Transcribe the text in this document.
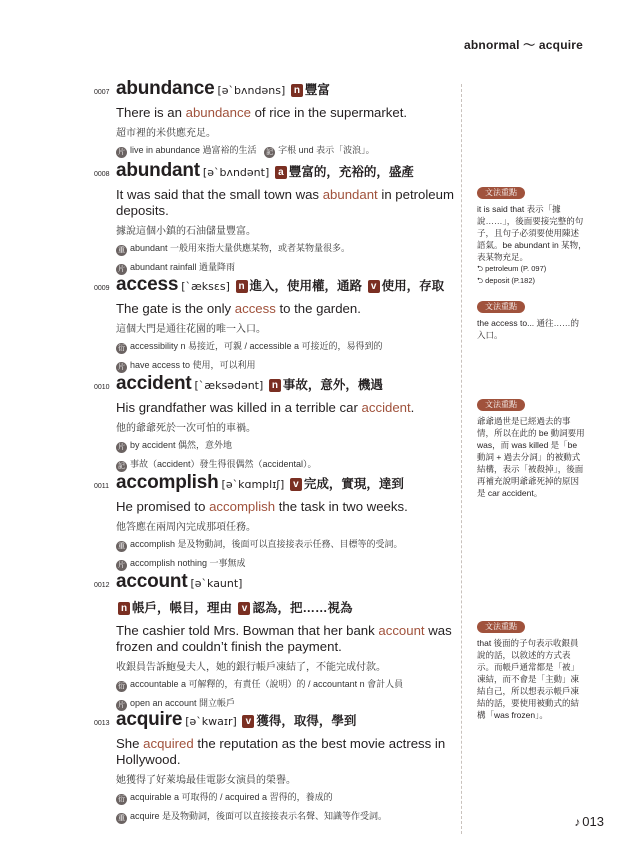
abnormal ～ acquire
0007 abundance [ə`bʌndəns] n 豐富
There is an abundance of rice in the supermarket.
超市裡的米供應充足。
片 live in abundance 過富裕的生活 記 字根 und 表示「波浪」。
0008 abundant [ə`bʌndənt] a 豐富的，充裕的，盛產
It was said that the small town was abundant in petroleum deposits.
據說這個小鎮的石油儲量豐富。
重 abundant 一般用來指大量供應某物，或者某物量很多。
片 abundant rainfall 過量降雨
0009 access [`æksɛs] n 進入，使用權，通路 v 使用，存取
The gate is the only access to the garden.
這個大門是通往花園的唯一入口。
衍 accessibility n 易接近，可親 / accessible a 可接近的，易得到的
片 have access to 使用，可以利用
0010 accident [`æksədənt] n 事故，意外，機遇
His grandfather was killed in a terrible car accident.
他的爺爺死於一次可怕的車禍。
片 by accident 偶然，意外地
記 事故（accident）發生得很偶然（accidental）。
0011 accomplish [ə`kɑmplɪʃ] v 完成，實現，達到
He promised to accomplish the task in two weeks.
他答應在兩周內完成那項任務。
重 accomplish 是及物動詞，後面可以直接接表示任務、目標等的受詞。
片 accomplish nothing 一事無成
0012 account [ə`kaunt]
n 帳戶，帳目，理由 v 認為，把……視為
The cashier told Mrs. Bowman that her bank account was frozen and couldn’t finish the payment.
收銀員告訴鮑曼夫人，她的銀行帳戶凍結了，不能完成付款。
衍 accountable a 可解釋的，有責任（說明）的 / accountant n 會計人員
片 open an account 開立帳戶
0013 acquire [ə`kwaɪr] v 獲得，取得，學到
She acquired the reputation as the best movie actress in Hollywood.
她獲得了好萊塢最佳電影女演員的榮譽。
衍 acquirable a 可取得的 / acquired a 習得的，養成的
重 acquire 是及物動詞，後面可以直接接表示名聲、知識等作受詞。
文法重點
it is said that 表示「據說……」，後面要接完整的句子，且句子必須要使用陳述語氣。be abundant in 某物，表某物充足。
⮌ petroleum (P. 097)
⮌ deposit (P.182)
文法重點
the access to... 通往……的入口。
文法重點
爺爺過世是已經過去的事情，所以在此的 be 動詞要用 was，而 was killed 是「be 動詞 + 過去分詞」的被動式結構，表示「被殺掉」，後面再補充說明爺爺死掉的原因是 car accident。
文法重點
that 後面的子句表示收銀員說的話，以敘述的方式表示。而帳戶通常都是「被」凍結，而不會是「主動」凍結自己，所以想表示帳戶凍結的話，要使用被動式的結構「was frozen」。
♪ 013
